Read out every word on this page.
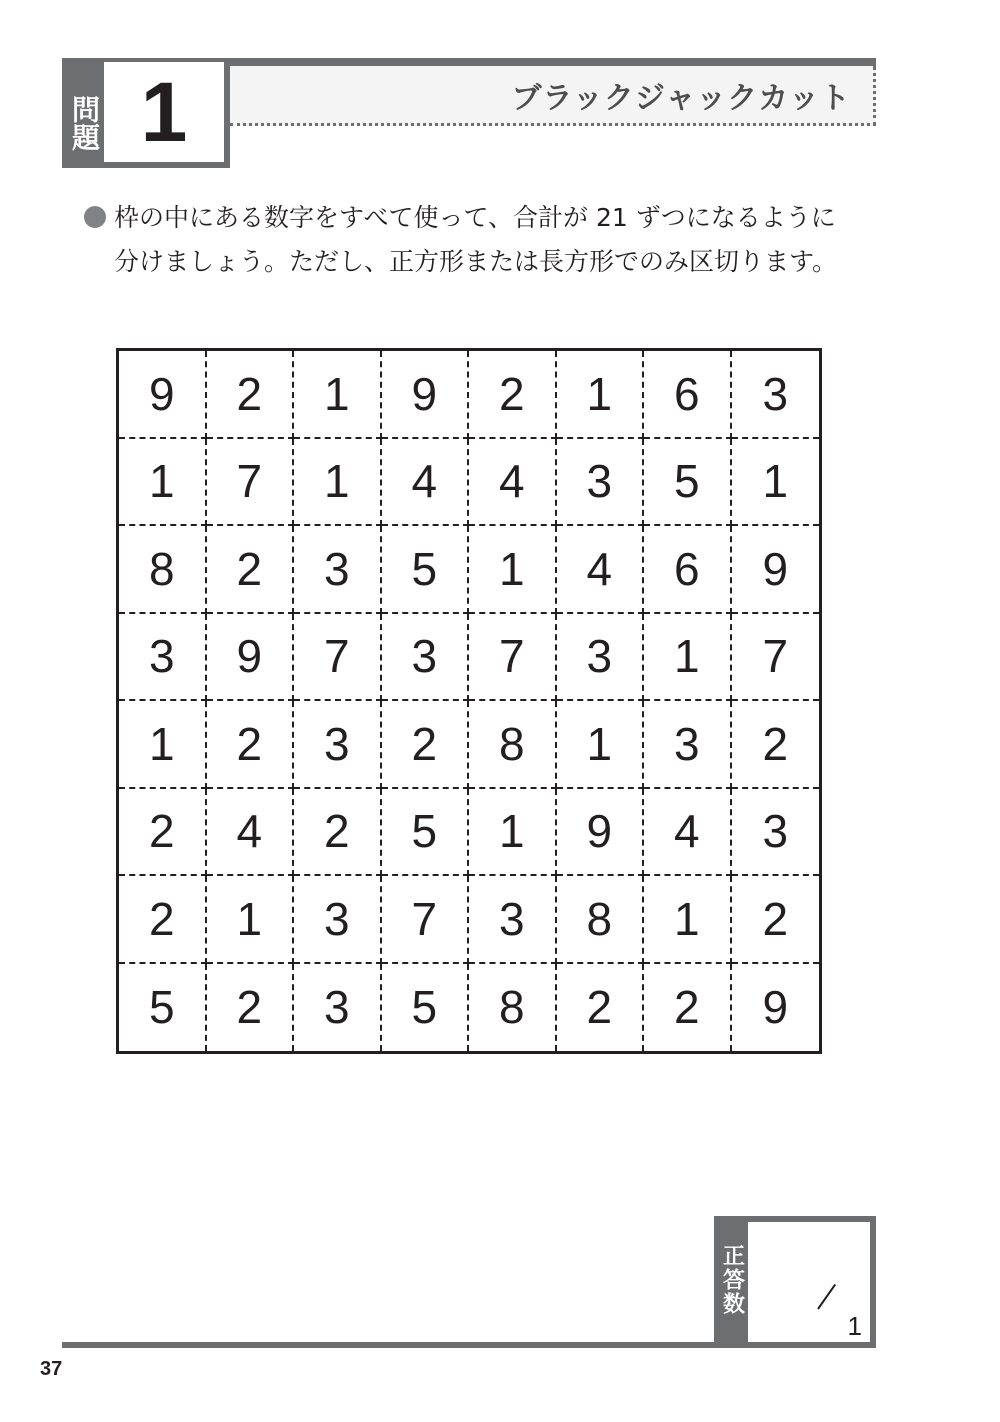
問題 1	ブラックジャックカット
枠の中にある数字をすべて使って、合計が 21 ずつになるように
分けましょう。ただし、正方形または長方形でのみ区切ります。
9	2	1	9	2	1	6	3
1	7	1	4	4	3	5	1
8	2	3	5	1	4	6	9
3	9	7	3	7	3	1	7
1	2	3	2	8	1	3	2
2	4	2	5	1	9	4	3
2	1	3	7	3	8	1	2
5	2	3	5	8	2	2	9
正答数
1
37
